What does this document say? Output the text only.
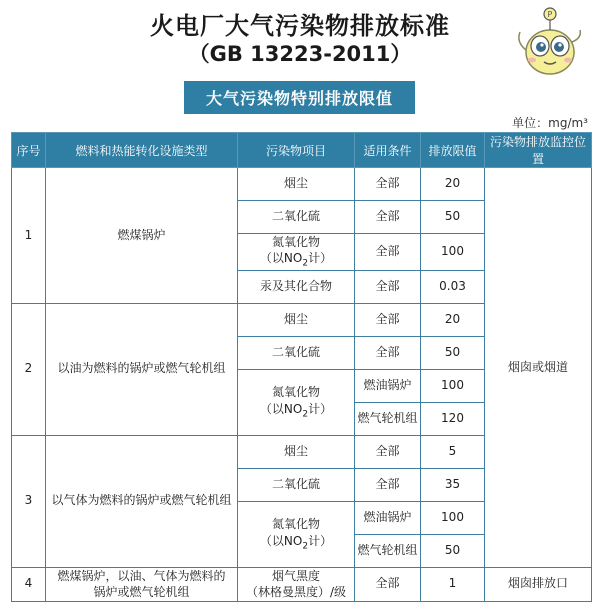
火电厂大气污染物排放标准
（GB 13223-2011）
P
大气污染物特别排放限值
单位：mg/m³
序号	燃料和热能转化设施类型	污染物项目	适用条件	排放限值	污染物排放监控位置
1	燃煤锅炉	烟尘	全部	20	烟囱或烟道
		二氧化硫	全部	50	
		氮氧化物
（以$NO_2$计）	全部	100	
		汞及其化合物	全部	0.03	
2	以油为燃料的锅炉或燃气轮机组	烟尘	全部	20	
		二氧化硫	全部	50	
		氮氧化物
（以$NO_2$计）	燃油锅炉	100	
			燃气轮机组	120	
3	以气体为燃料的锅炉或燃气轮机组	烟尘	全部	5	
		二氧化硫	全部	35	
		氮氧化物
（以$NO_2$计）	燃油锅炉	100	
			燃气轮机组	50	
4	燃煤锅炉，以油、气体为燃料的
锅炉或燃气轮机组	烟气黑度
（林格曼黑度）/级	全部	1	烟囱排放口
